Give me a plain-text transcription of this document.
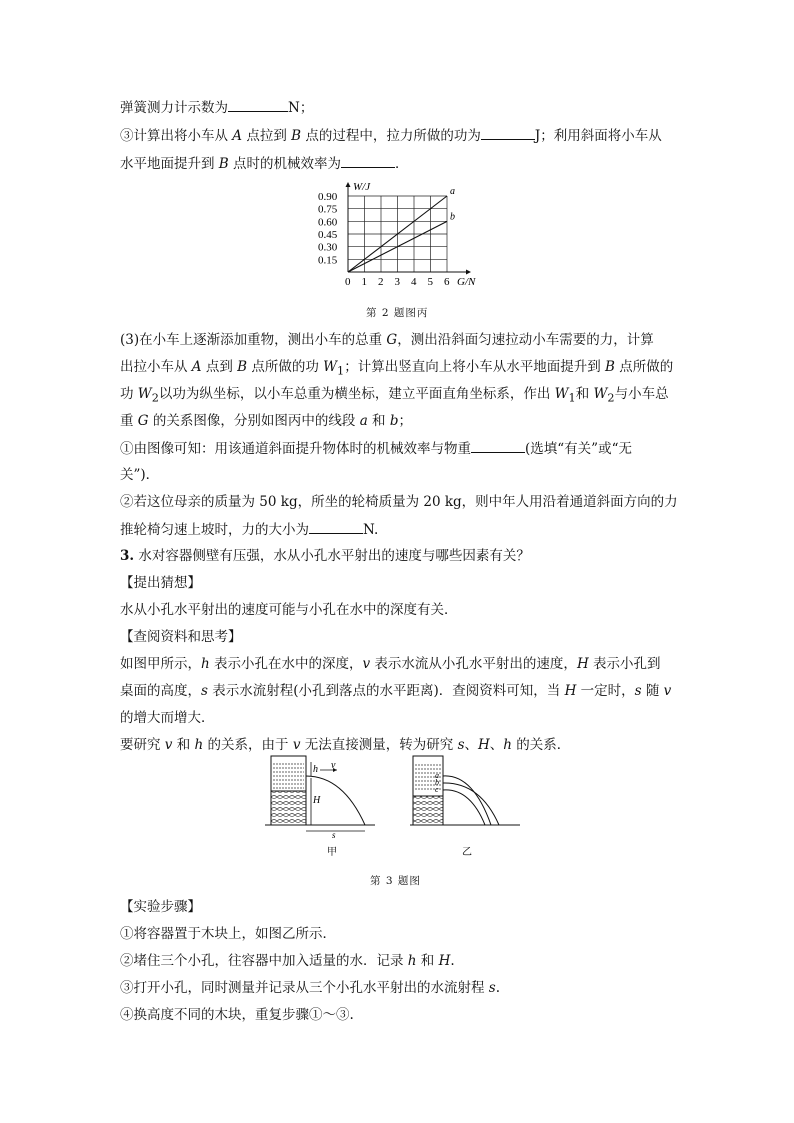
弹簧测力计示数为	N；
③计算出将小车从 A 点拉到 B 点的过程中，拉力所做的功为	J；利用斜面将小车从
水平地面提升到 B 点时的机械效率为	．
0 1 2 3 4 5 6
0.15
0.30
0.45
0.60
0.75
0.90
W/J
G/N
a
b
第 2 题图丙
(3)在小车上逐渐添加重物，测出小车的总重 G，测出沿斜面匀速拉动小车需要的力，计算
出拉小车从 A 点到 B 点所做的功 $W_1$；计算出竖直向上将小车从水平地面提升到 B 点所做的
功 $W_2$以功为纵坐标，以小车总重为横坐标，建立平面直角坐标系，作出 $W_1$和 $W_2$与小车总
重 G 的关系图像，分别如图丙中的线段 a 和 b；
①由图像可知：用该通道斜面提升物体时的机械效率与物重	(选填“有关”或“无
关”)．
②若这位母亲的质量为 50 kg，所坐的轮椅质量为 20 kg，则中年人用沿着通道斜面方向的力
推轮椅匀速上坡时，力的大小为	N.
3. 水对容器侧壁有压强，水从小孔水平射出的速度与哪些因素有关？
【提出猜想】
水从小孔水平射出的速度可能与小孔在水中的深度有关．
【查阅资料和思考】
如图甲所示，h 表示小孔在水中的深度，v 表示水流从小孔水平射出的速度，H 表示小孔到
桌面的高度，s 表示水流射程(小孔到落点的水平距离)．查阅资料可知，当 H 一定时，s 随 v
的增大而增大．
要研究 v 和 h 的关系，由于 v 无法直接测量，转为研究 s、H、h 的关系．
h v
H
s
甲
a
b
c
乙
第 3 题图
【实验步骤】
①将容器置于木块上，如图乙所示．
②堵住三个小孔，往容器中加入适量的水．记录 h 和 H.
③打开小孔，同时测量并记录从三个小孔水平射出的水流射程 s.
④换高度不同的木块，重复步骤①～③.
